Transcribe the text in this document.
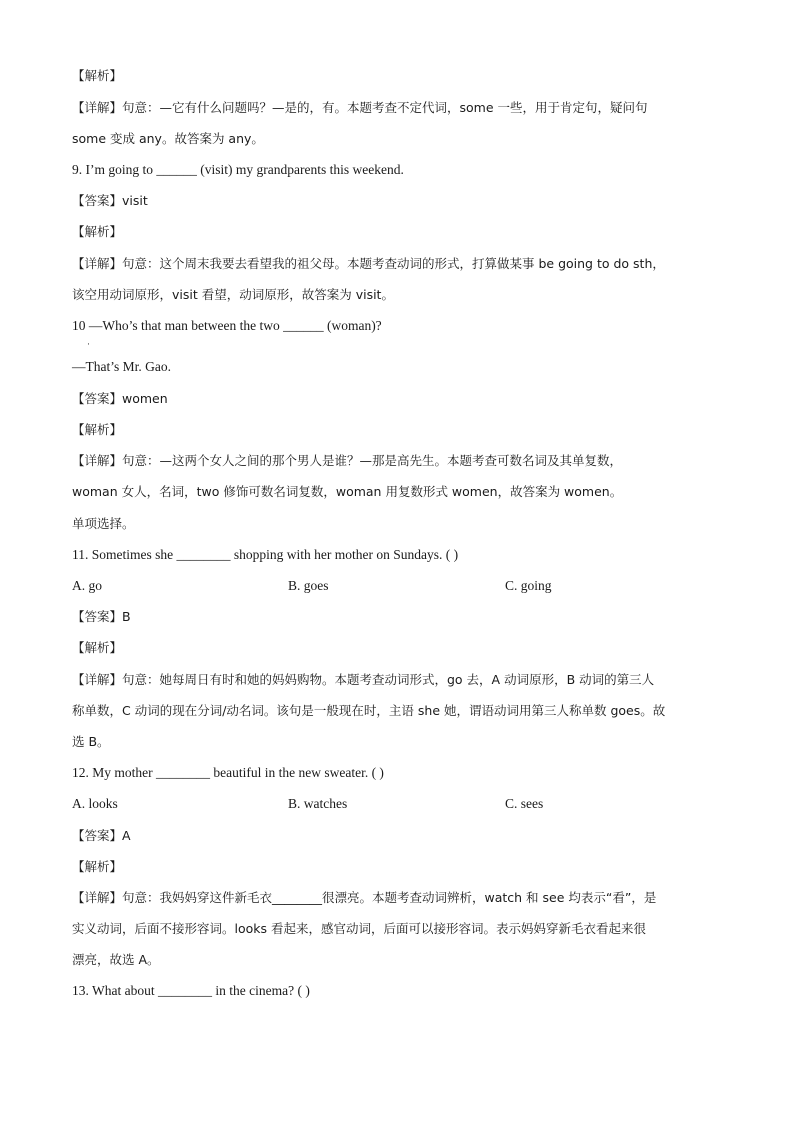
【解析】
【详解】句意：—它有什么问题吗？—是的，有。本题考查不定代词，some 一些，用于肯定句，疑问句
some 变成 any。故答案为 any。
9. I’m going to ______ (visit) my grandparents this weekend.
【答案】visit
【解析】
【详解】句意：这个周末我要去看望我的祖父母。本题考查动词的形式，打算做某事 be going to do sth，
该空用动词原形，visit 看望，动词原形，故答案为 visit。
10 —Who’s that man between the two ______ (woman)?
·
—That’s Mr. Gao.
【答案】women
【解析】
【详解】句意：—这两个女人之间的那个男人是谁？—那是高先生。本题考查可数名词及其单复数，
woman 女人，名词，two 修饰可数名词复数，woman 用复数形式 women，故答案为 women。
单项选择。
11. Sometimes she ________ shopping with her mother on Sundays. ( )
A. go	B. goes	C. going
【答案】B
【解析】
【详解】句意：她每周日有时和她的妈妈购物。本题考查动词形式，go 去，A 动词原形，B 动词的第三人
称单数，C 动词的现在分词/动名词。该句是一般现在时，主语 she 她，谓语动词用第三人称单数 goes。故
选 B。
12. My mother ________ beautiful in the new sweater. ( )
A. looks	B. watches	C. sees
【答案】A
【解析】
【详解】句意：我妈妈穿这件新毛衣________很漂亮。本题考查动词辨析，watch 和 see 均表示“看”，是
实义动词，后面不接形容词。looks 看起来，感官动词，后面可以接形容词。表示妈妈穿新毛衣看起来很
漂亮，故选 A。
13. What about ________ in the cinema? ( )
